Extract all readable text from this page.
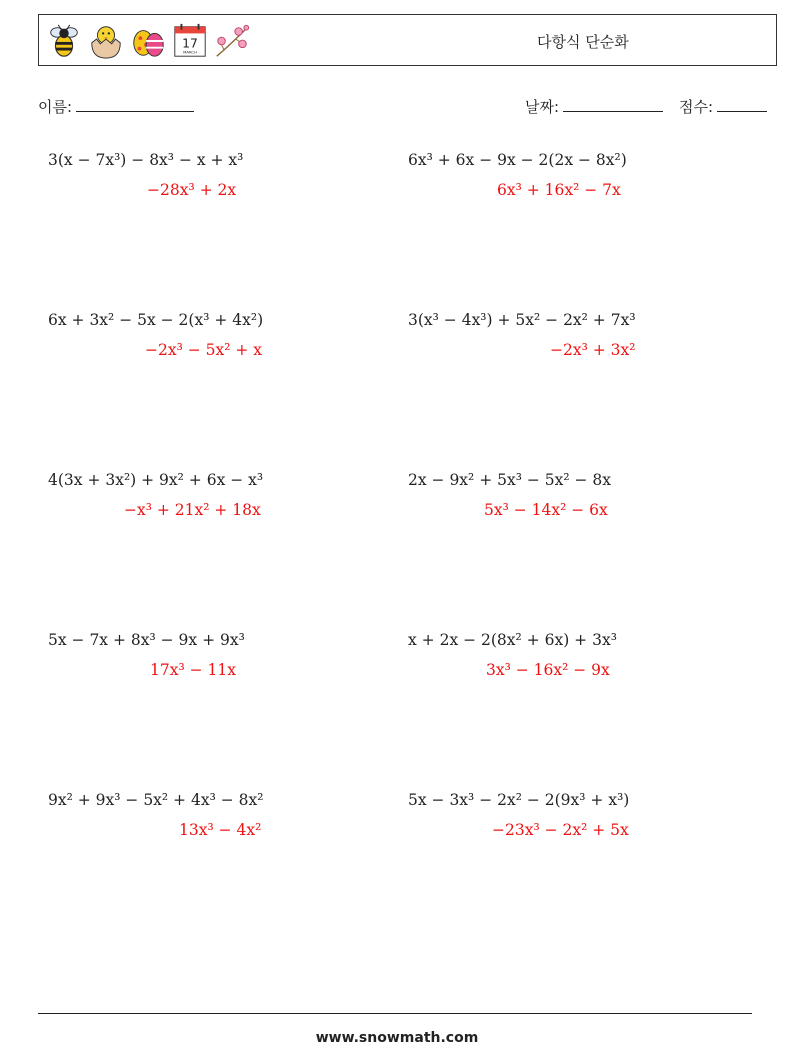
17
MARCH
다항식 단순화
이름:	날짜:	점수:
3(x − 7x³) − 8x³ − x + x³
−28x³ + 2x
6x + 3x² − 5x − 2(x³ + 4x²)
−2x³ − 5x² + x
4(3x + 3x²) + 9x² + 6x − x³
−x³ + 21x² + 18x
5x − 7x + 8x³ − 9x + 9x³
17x³ − 11x
9x² + 9x³ − 5x² + 4x³ − 8x²
13x³ − 4x²
6x³ + 6x − 9x − 2(2x − 8x²)
6x³ + 16x² − 7x
3(x³ − 4x³) + 5x² − 2x² + 7x³
−2x³ + 3x²
2x − 9x² + 5x³ − 5x² − 8x
5x³ − 14x² − 6x
x + 2x − 2(8x² + 6x) + 3x³
3x³ − 16x² − 9x
5x − 3x³ − 2x² − 2(9x³ + x³)
−23x³ − 2x² + 5x
www.snowmath.com
